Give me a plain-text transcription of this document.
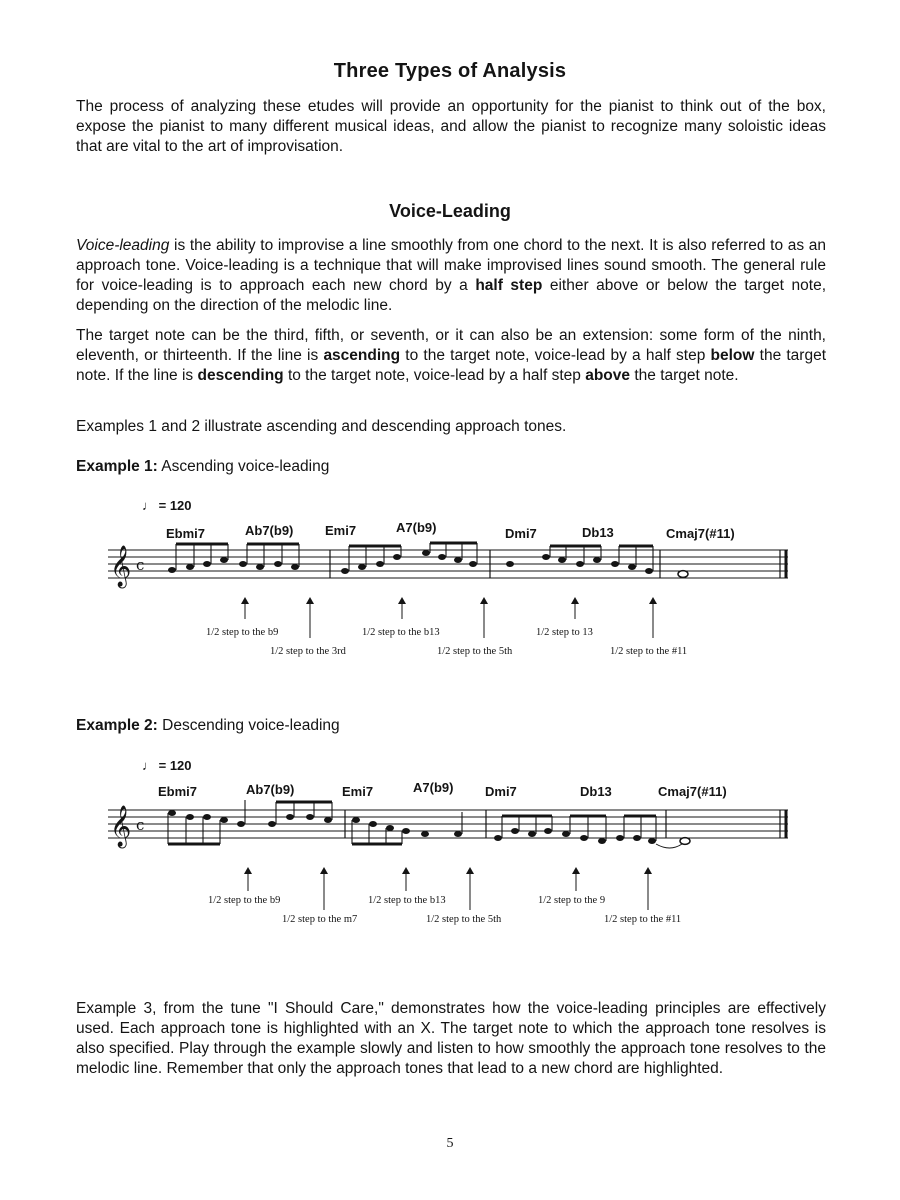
Three Types of Analysis

The process of analyzing these etudes will provide an opportunity for the pianist to think out of the box, expose the pianist to many different musical ideas, and allow the pianist to recognize many soloistic ideas that are vital to the art of improvisation.

Voice-Leading

Voice-leading is the ability to improvise a line smoothly from one chord to the next. It is also referred to as an approach tone. Voice-leading is a technique that will make improvised lines sound smooth. The general rule for voice-leading is to approach each new chord by a half step either above or below the target note, depending on the direction of the melodic line.

The target note can be the third, fifth, or seventh, or it can also be an extension: some form of the ninth, eleventh, or thirteenth. If the line is ascending to the target note, voice-lead by a half step below the target note. If the line is descending to the target note, voice-lead by a half step above the target note.

Examples 1 and 2 illustrate ascending and descending approach tones.

Example 1: Ascending voice-leading

♩ = 120
Ebmi7	Ab7(b9) Emi7	A7(b9)	Dmi7	Db13	Cmaj7(#11)
𝄞 c
1/2 step to the b9	1/2 step to the b13	1/2 step to 13
1/2 step to the 3rd	1/2 step to the 5th	1/2 step to the #11

Example 2: Descending voice-leading

♩ = 120
Ebmi7	Ab7(b9)	Emi7	A7(b9) Dmi7	Db13	Cmaj7(#11)
𝄞 c
1/2 step to the b9	1/2 step to the b13	1/2 step to the 9
1/2 step to the m7	1/2 step to the 5th	1/2 step to the #11

Example 3, from the tune "I Should Care," demonstrates how the voice-leading principles are effectively used. Each approach tone is highlighted with an X. The target note to which the approach tone resolves is also specified. Play through the example slowly and listen to how smoothly the approach tone resolves to the melodic line. Remember that only the approach tones that lead to a new chord are highlighted.

5
